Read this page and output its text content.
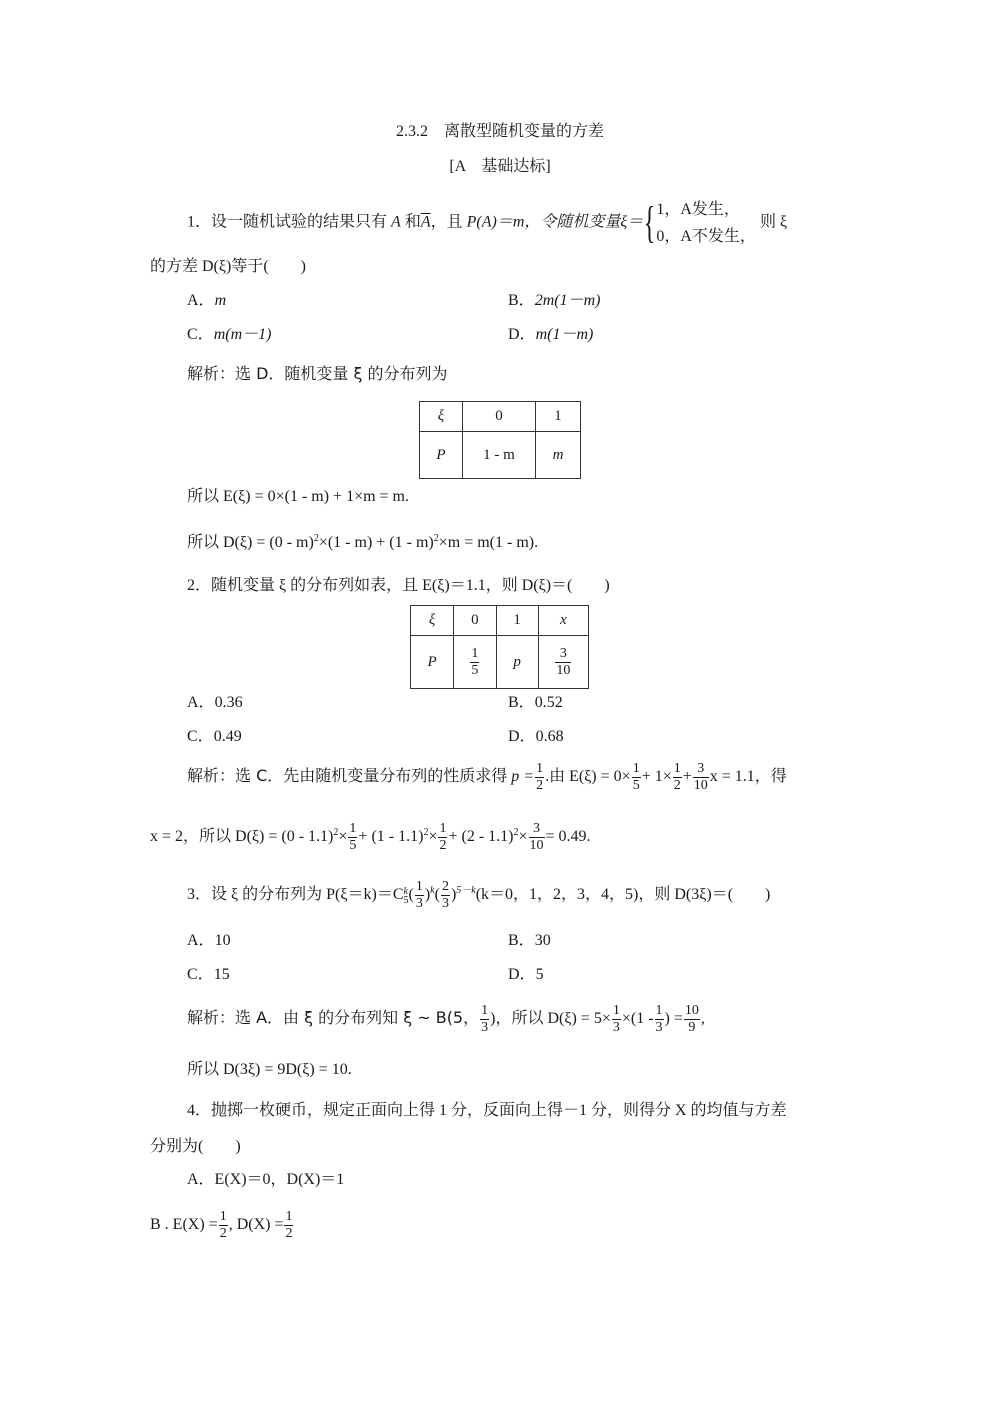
2.3.2 离散型随机变量的方差
[A　基础达标]
1．设一随机试验的结果只有 A 和$\overline{A}$，且 P(A)＝m，令随机变量ξ＝{ 1，A发生，
0，A不发生，
则 ξ
的方差 D(ξ)等于(　　)
A．m	B．2m(1－m)
C．m(m－1)	D．m(1－m)
解析：选 D．随机变量 ξ 的分布列为
ξ	0	1
P	1 - m	m
所以 E(ξ) = 0×(1 - m) + 1×m = m.
所以 D(ξ) = (0 - m)$^2$×(1 - m) + (1 - m)$^2$×m = m(1 - m).
2．随机变量 ξ 的分布列如表，且 E(ξ)＝1.1，则 D(ξ)＝(　　)
ξ	0	1	x
P	$\frac{1}{5}$	p	$\frac{3}{10}$
A．0.36	B．0.52
C．0.49	D．0.68
解析：选 C．先由随机变量分布列的性质求得 $p = \frac{1}{2}$ .由 $E(\xi) = 0\times \frac{1}{5} + 1\times \frac{1}{2} + \frac{3}{10}$ x = 1.1，得
x = 2，所以 $D(\xi) = (0 - 1.1)^2\times \frac{1}{5} + (1 - 1.1)^2\times \frac{1}{2} + (2 - 1.1)^2\times \frac{3}{10} = 0.49$.
3．设 ξ 的分布列为 P(ξ＝k)＝C k
5 ( $\frac{1}{3} )^k( \frac{2}{3} )^{5-k}(k=0$，1，2，3，4，5)，则 D(3ξ)＝(　　)
A．10	B．30
C．15	D．5
解析：选 A．由 ξ 的分布列知 ξ ~ B(5， $\frac{1}{3}$ )，所以 $D(\xi) = 5\times \frac{1}{3} \times(1 - \frac{1}{3}$ ) = $\frac{10}{9}$ ,
所以 D(3ξ) = 9D(ξ) = 10.
4．抛掷一枚硬币，规定正面向上得 1 分，反面向上得－1 分，则得分 X 的均值与方差
分别为(　　)
A．E(X)＝0，D(X)＝1
B . $E(X) = \frac{1}{2}$ , $D(X) = \frac{1}{2}$
